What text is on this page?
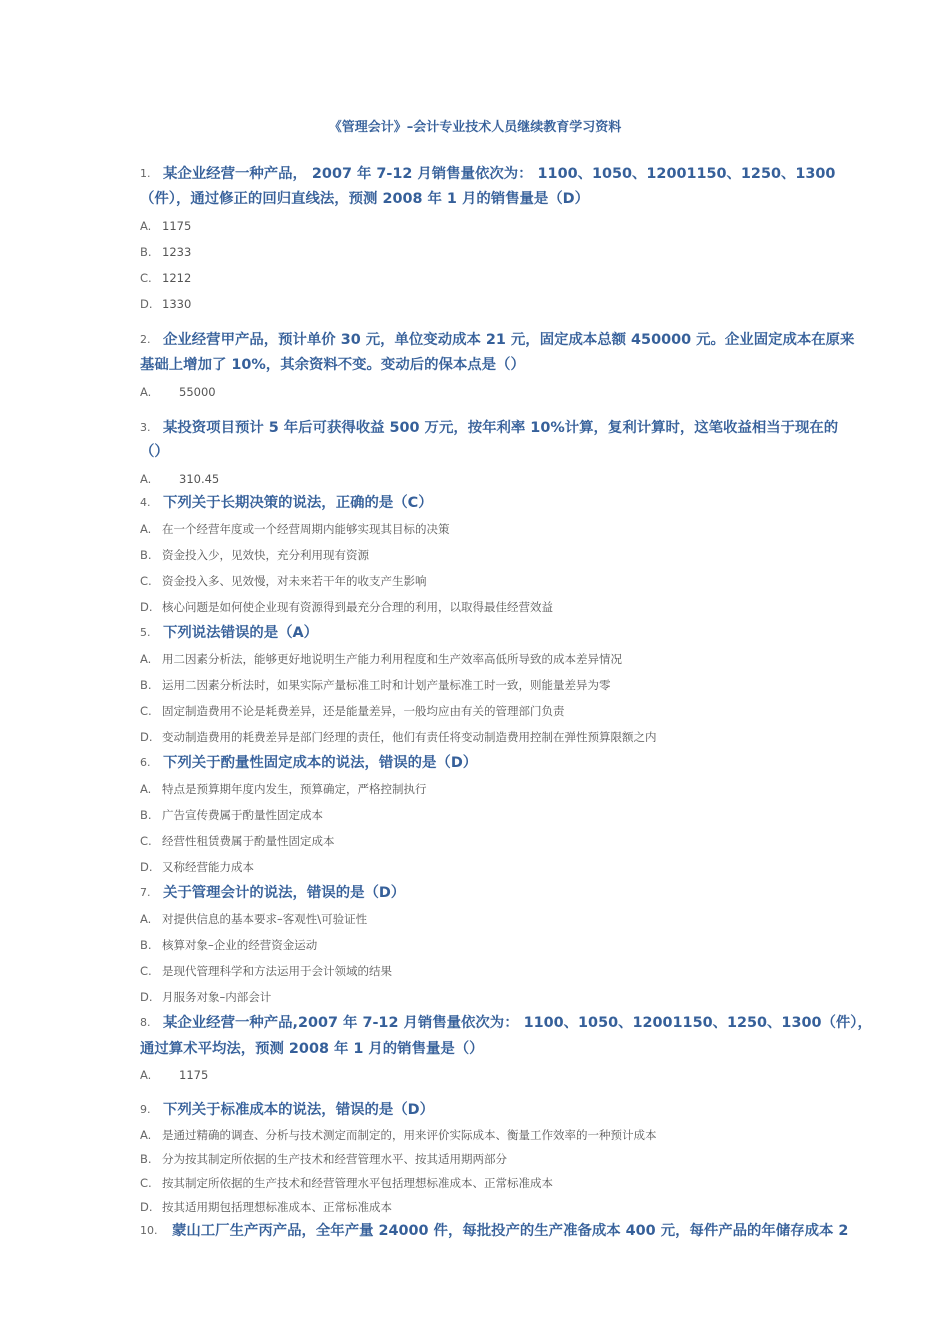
《管理会计》–会计专业技术人员继续教育学习资料
1. 某企业经营一种产品， 2007 年 7-12 月销售量依次为： 1100、1050、12001150、1250、1300
（件），通过修正的回归直线法，预测 2008 年 1 月的销售量是（D）
A. 1175
B. 1233
C. 1212
D. 1330
2. 企业经营甲产品，预计单价 30 元，单位变动成本 21 元，固定成本总额 450000 元。企业固定成本在原来
基础上增加了 10%，其余资料不变。变动后的保本点是（）
A. 55000
3. 某投资项目预计 5 年后可获得收益 500 万元，按年利率 10%计算，复利计算时，这笔收益相当于现在的
（）
A. 310.45
4. 下列关于长期决策的说法，正确的是（C）
A. 在一个经营年度或一个经营周期内能够实现其目标的决策
B. 资金投入少，见效快，充分利用现有资源
C. 资金投入多、见效慢，对未来若干年的收支产生影响
D. 核心问题是如何使企业现有资源得到最充分合理的利用，以取得最佳经营效益
5. 下列说法错误的是（A）
A. 用二因素分析法，能够更好地说明生产能力利用程度和生产效率高低所导致的成本差异情况
B. 运用二因素分析法时，如果实际产量标准工时和计划产量标准工时一致，则能量差异为零
C. 固定制造费用不论是耗费差异，还是能量差异，一般均应由有关的管理部门负责
D. 变动制造费用的耗费差异是部门经理的责任，他们有责任将变动制造费用控制在弹性预算限额之内
6. 下列关于酌量性固定成本的说法，错误的是（D）
A. 特点是预算期年度内发生，预算确定，严格控制执行
B. 广告宣传费属于酌量性固定成本
C. 经营性租赁费属于酌量性固定成本
D. 又称经营能力成本
7. 关于管理会计的说法，错误的是（D）
A. 对提供信息的基本要求–客观性\可验证性
B. 核算对象–企业的经营资金运动
C. 是现代管理科学和方法运用于会计领域的结果
D. 月服务对象–内部会计
8. 某企业经营一种产品,2007 年 7-12 月销售量依次为： 1100、1050、12001150、1250、1300（件），
通过算术平均法，预测 2008 年 1 月的销售量是（）
A. 1175
9. 下列关于标准成本的说法，错误的是（D）
A. 是通过精确的调查、分析与技术测定而制定的，用来评价实际成本、衡量工作效率的一种预计成本
B. 分为按其制定所依据的生产技术和经营管理水平、按其适用期两部分
C. 按其制定所依据的生产技术和经营管理水平包括理想标准成本、正常标准成本
D. 按其适用期包括理想标准成本、正常标准成本
10. 蒙山工厂生产丙产品，全年产量 24000 件，每批投产的生产准备成本 400 元，每件产品的年储存成本 2
